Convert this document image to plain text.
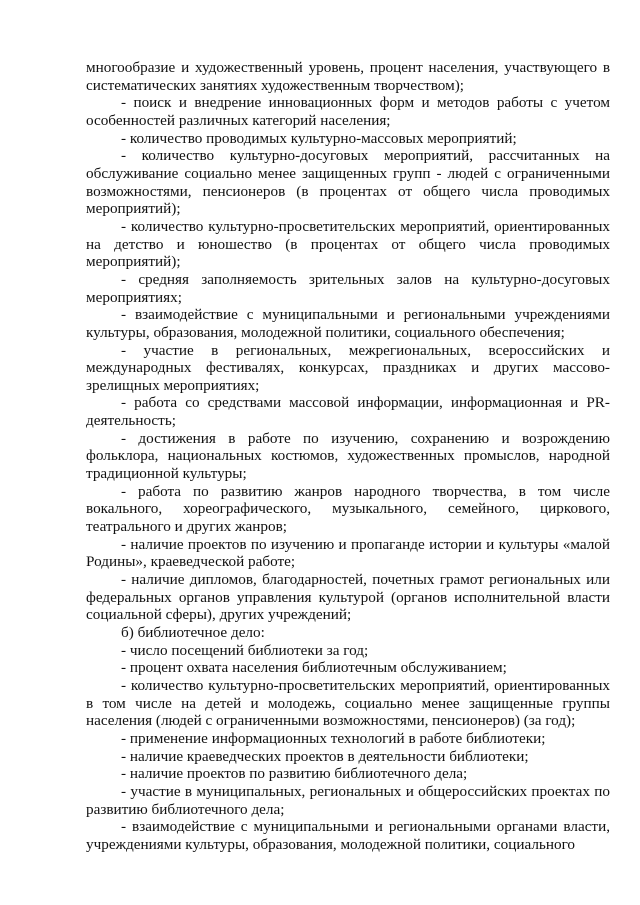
многообразие и художественный уровень, процент населения, участвующего в систематических занятиях художественным творчеством);

- поиск и внедрение инновационных форм и методов работы с учетом особенностей различных категорий населения;

- количество проводимых культурно-массовых мероприятий;

- количество культурно-досуговых мероприятий, рассчитанных на обслуживание социально менее защищенных групп - людей с ограниченными возможностями, пенсионеров (в процентах от общего числа проводимых мероприятий);

- количество культурно-просветительских мероприятий, ориентированных на детство и юношество (в процентах от общего числа проводимых мероприятий);

- средняя заполняемость зрительных залов на культурно-досуговых мероприятиях;

- взаимодействие с муниципальными и региональными учреждениями культуры, образования, молодежной политики, социального обеспечения;

- участие в региональных, межрегиональных, всероссийских и международных фестивалях, конкурсах, праздниках и других массово-зрелищных мероприятиях;

- работа со средствами массовой информации, информационная и PR-деятельность;

- достижения в работе по изучению, сохранению и возрождению фольклора, национальных костюмов, художественных промыслов, народной традиционной культуры;

- работа по развитию жанров народного творчества, в том числе вокального, хореографического, музыкального, семейного, циркового, театрального и других жанров;

- наличие проектов по изучению и пропаганде истории и культуры «малой Родины», краеведческой работе;

- наличие дипломов, благодарностей, почетных грамот региональных или федеральных органов управления культурой (органов исполнительной власти социальной сферы), других учреждений;

б) библиотечное дело:

- число посещений библиотеки за год;

- процент охвата населения библиотечным обслуживанием;

- количество культурно-просветительских мероприятий, ориентированных в том числе на детей и молодежь, социально менее защищенные группы населения (людей с ограниченными возможностями, пенсионеров) (за год);

- применение информационных технологий в работе библиотеки;

- наличие краеведческих проектов в деятельности библиотеки;

- наличие проектов по развитию библиотечного дела;

- участие в муниципальных, региональных и общероссийских проектах по развитию библиотечного дела;

- взаимодействие с муниципальными и региональными органами власти, учреждениями культуры, образования, молодежной политики, социального
